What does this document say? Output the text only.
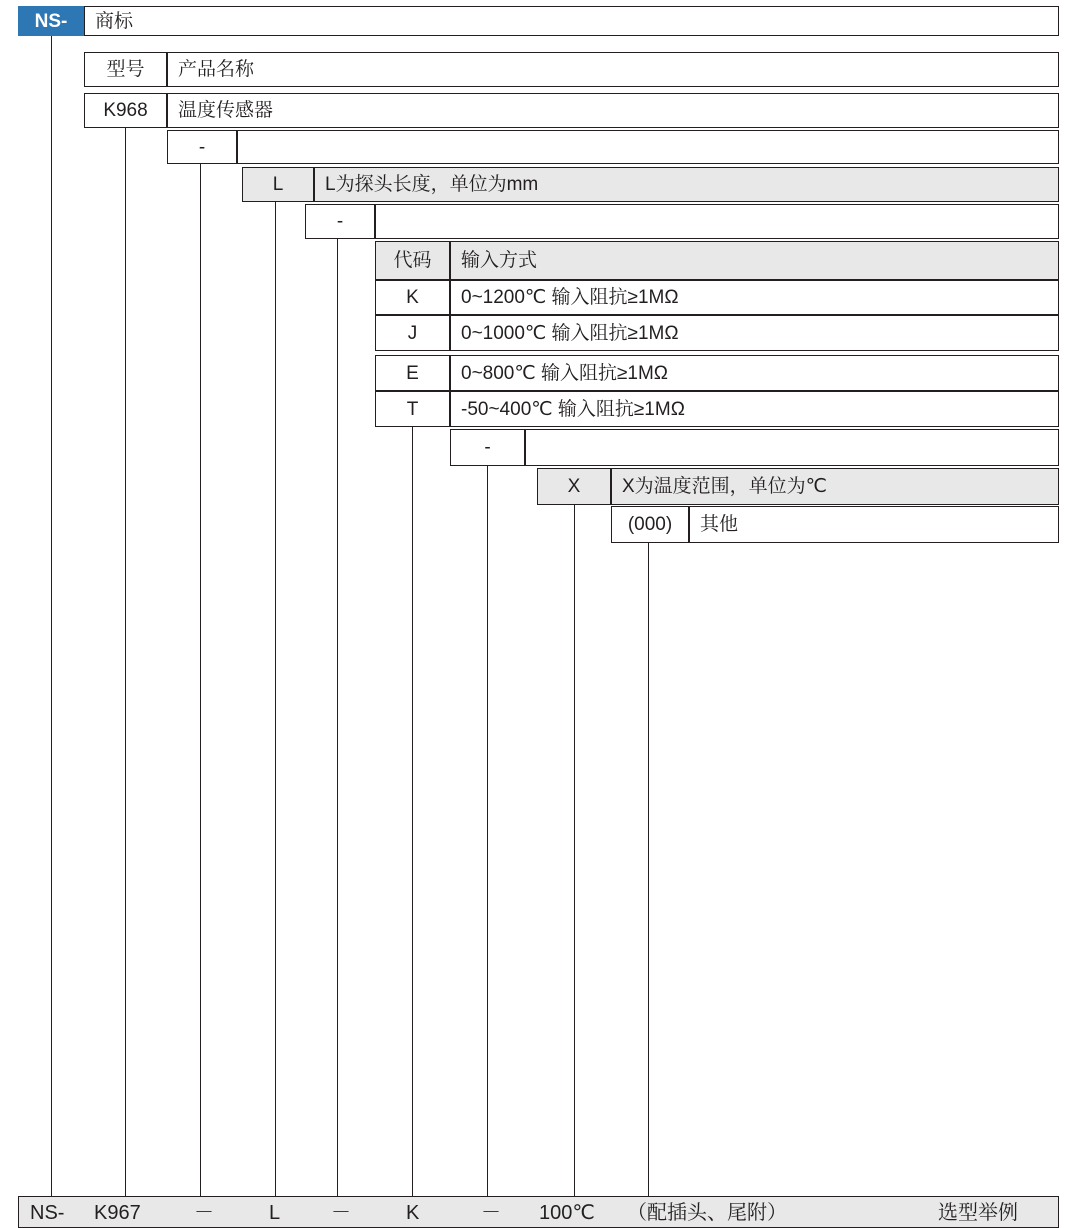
NS- 商标
型号 产品名称
K968 温度传感器
-
L L为探头长度，单位为mm
-
代码 输入方式
K 0~1200℃ 输入阻抗≥1MΩ
J 0~1000℃ 输入阻抗≥1MΩ
E 0~800℃ 输入阻抗≥1MΩ
T -50~400℃ 输入阻抗≥1MΩ
-
X X为温度范围，单位为℃
(000) 其他
NS- K967	－	L	－	K	－ 100℃ （配插头、尾附）	选型举例
